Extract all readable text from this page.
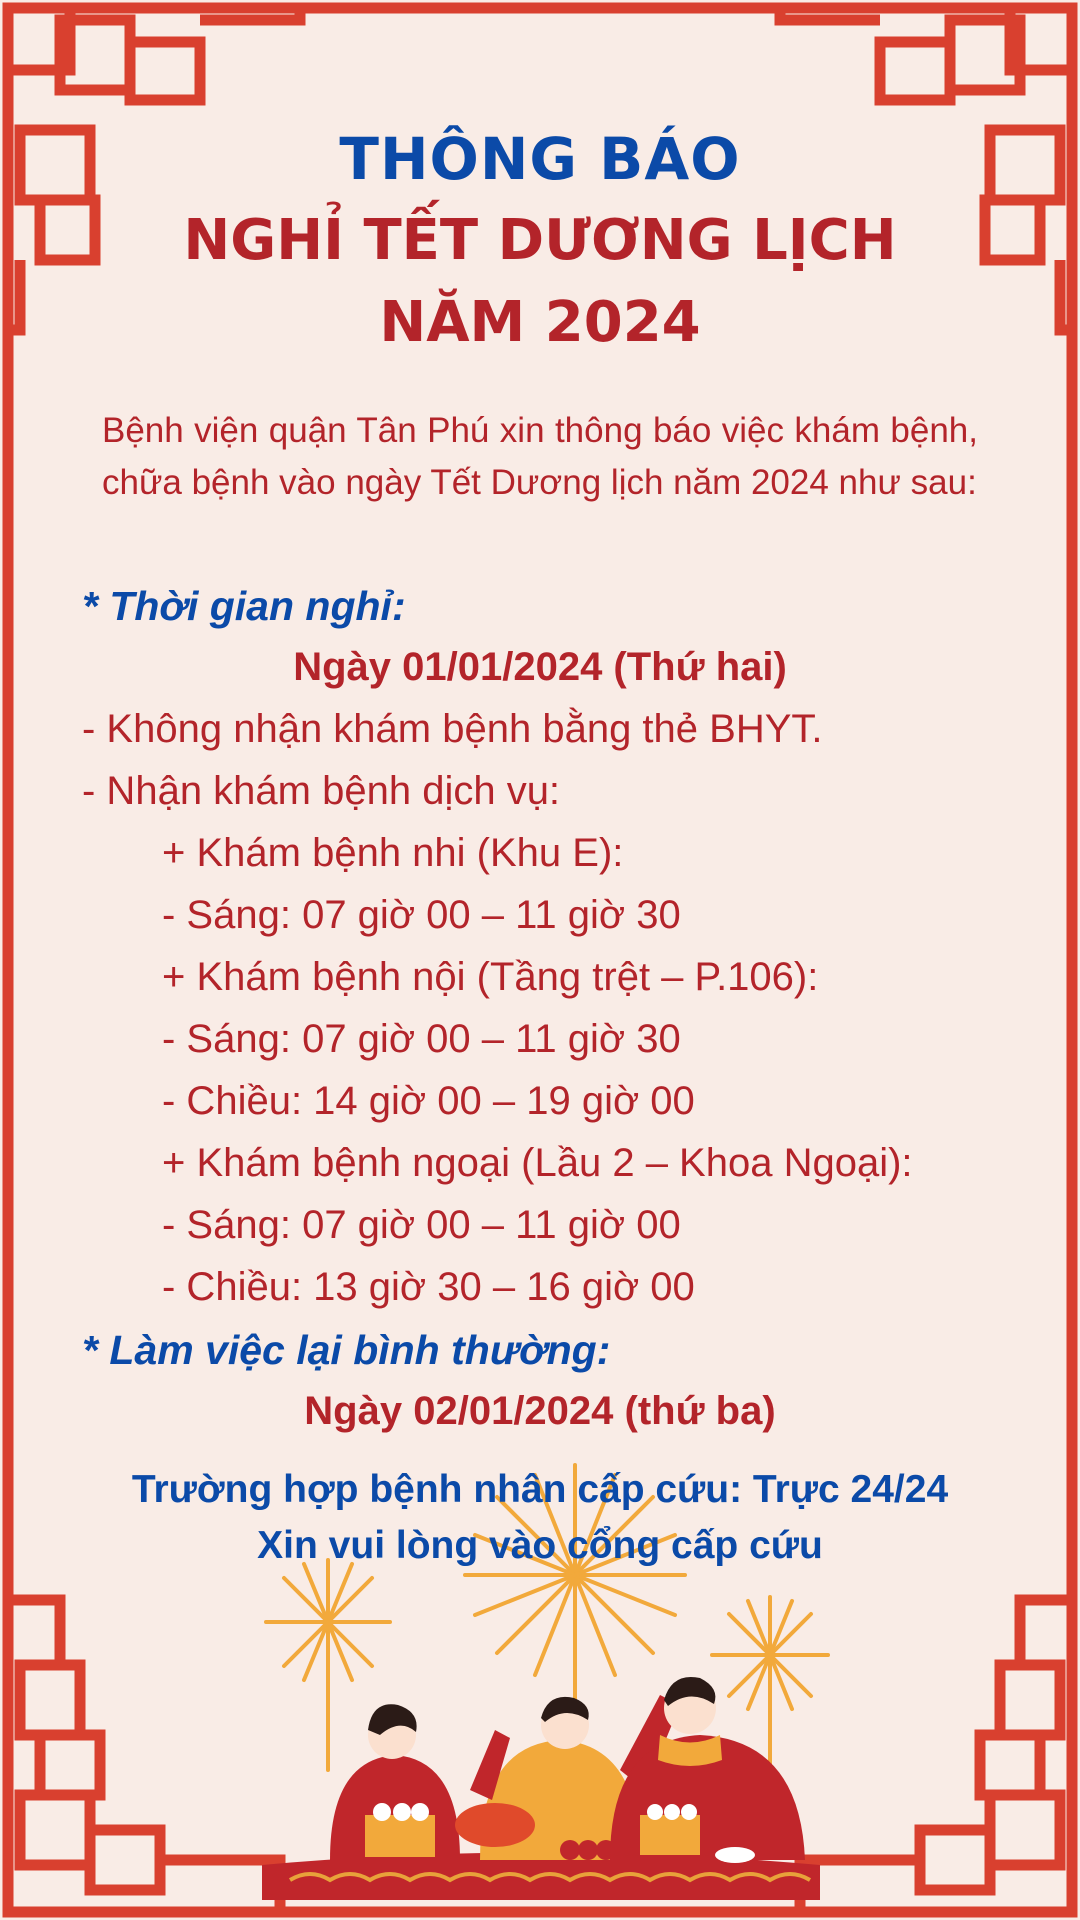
THÔNG BÁO
NGHỈ TẾT DƯƠNG LỊCH
NĂM 2024
Bệnh viện quận Tân Phú xin thông báo việc khám bệnh, chữa bệnh vào ngày Tết Dương lịch năm 2024 như sau:
* Thời gian nghỉ:
Ngày 01/01/2024 (Thứ hai)
- Không nhận khám bệnh bằng thẻ BHYT.
- Nhận khám bệnh dịch vụ:
+ Khám bệnh nhi (Khu E):
- Sáng: 07 giờ 00 – 11 giờ 30
+ Khám bệnh nội (Tầng trệt – P.106):
- Sáng: 07 giờ 00 – 11 giờ 30
- Chiều: 14 giờ 00 – 19 giờ 00
+ Khám bệnh ngoại (Lầu 2 – Khoa Ngoại):
- Sáng: 07 giờ 00 – 11 giờ 00
- Chiều: 13 giờ 30 – 16 giờ 00
* Làm việc lại bình thường:
Ngày 02/01/2024 (thứ ba)
Trường hợp bệnh nhân cấp cứu: Trực 24/24
Xin vui lòng vào cổng cấp cứu
